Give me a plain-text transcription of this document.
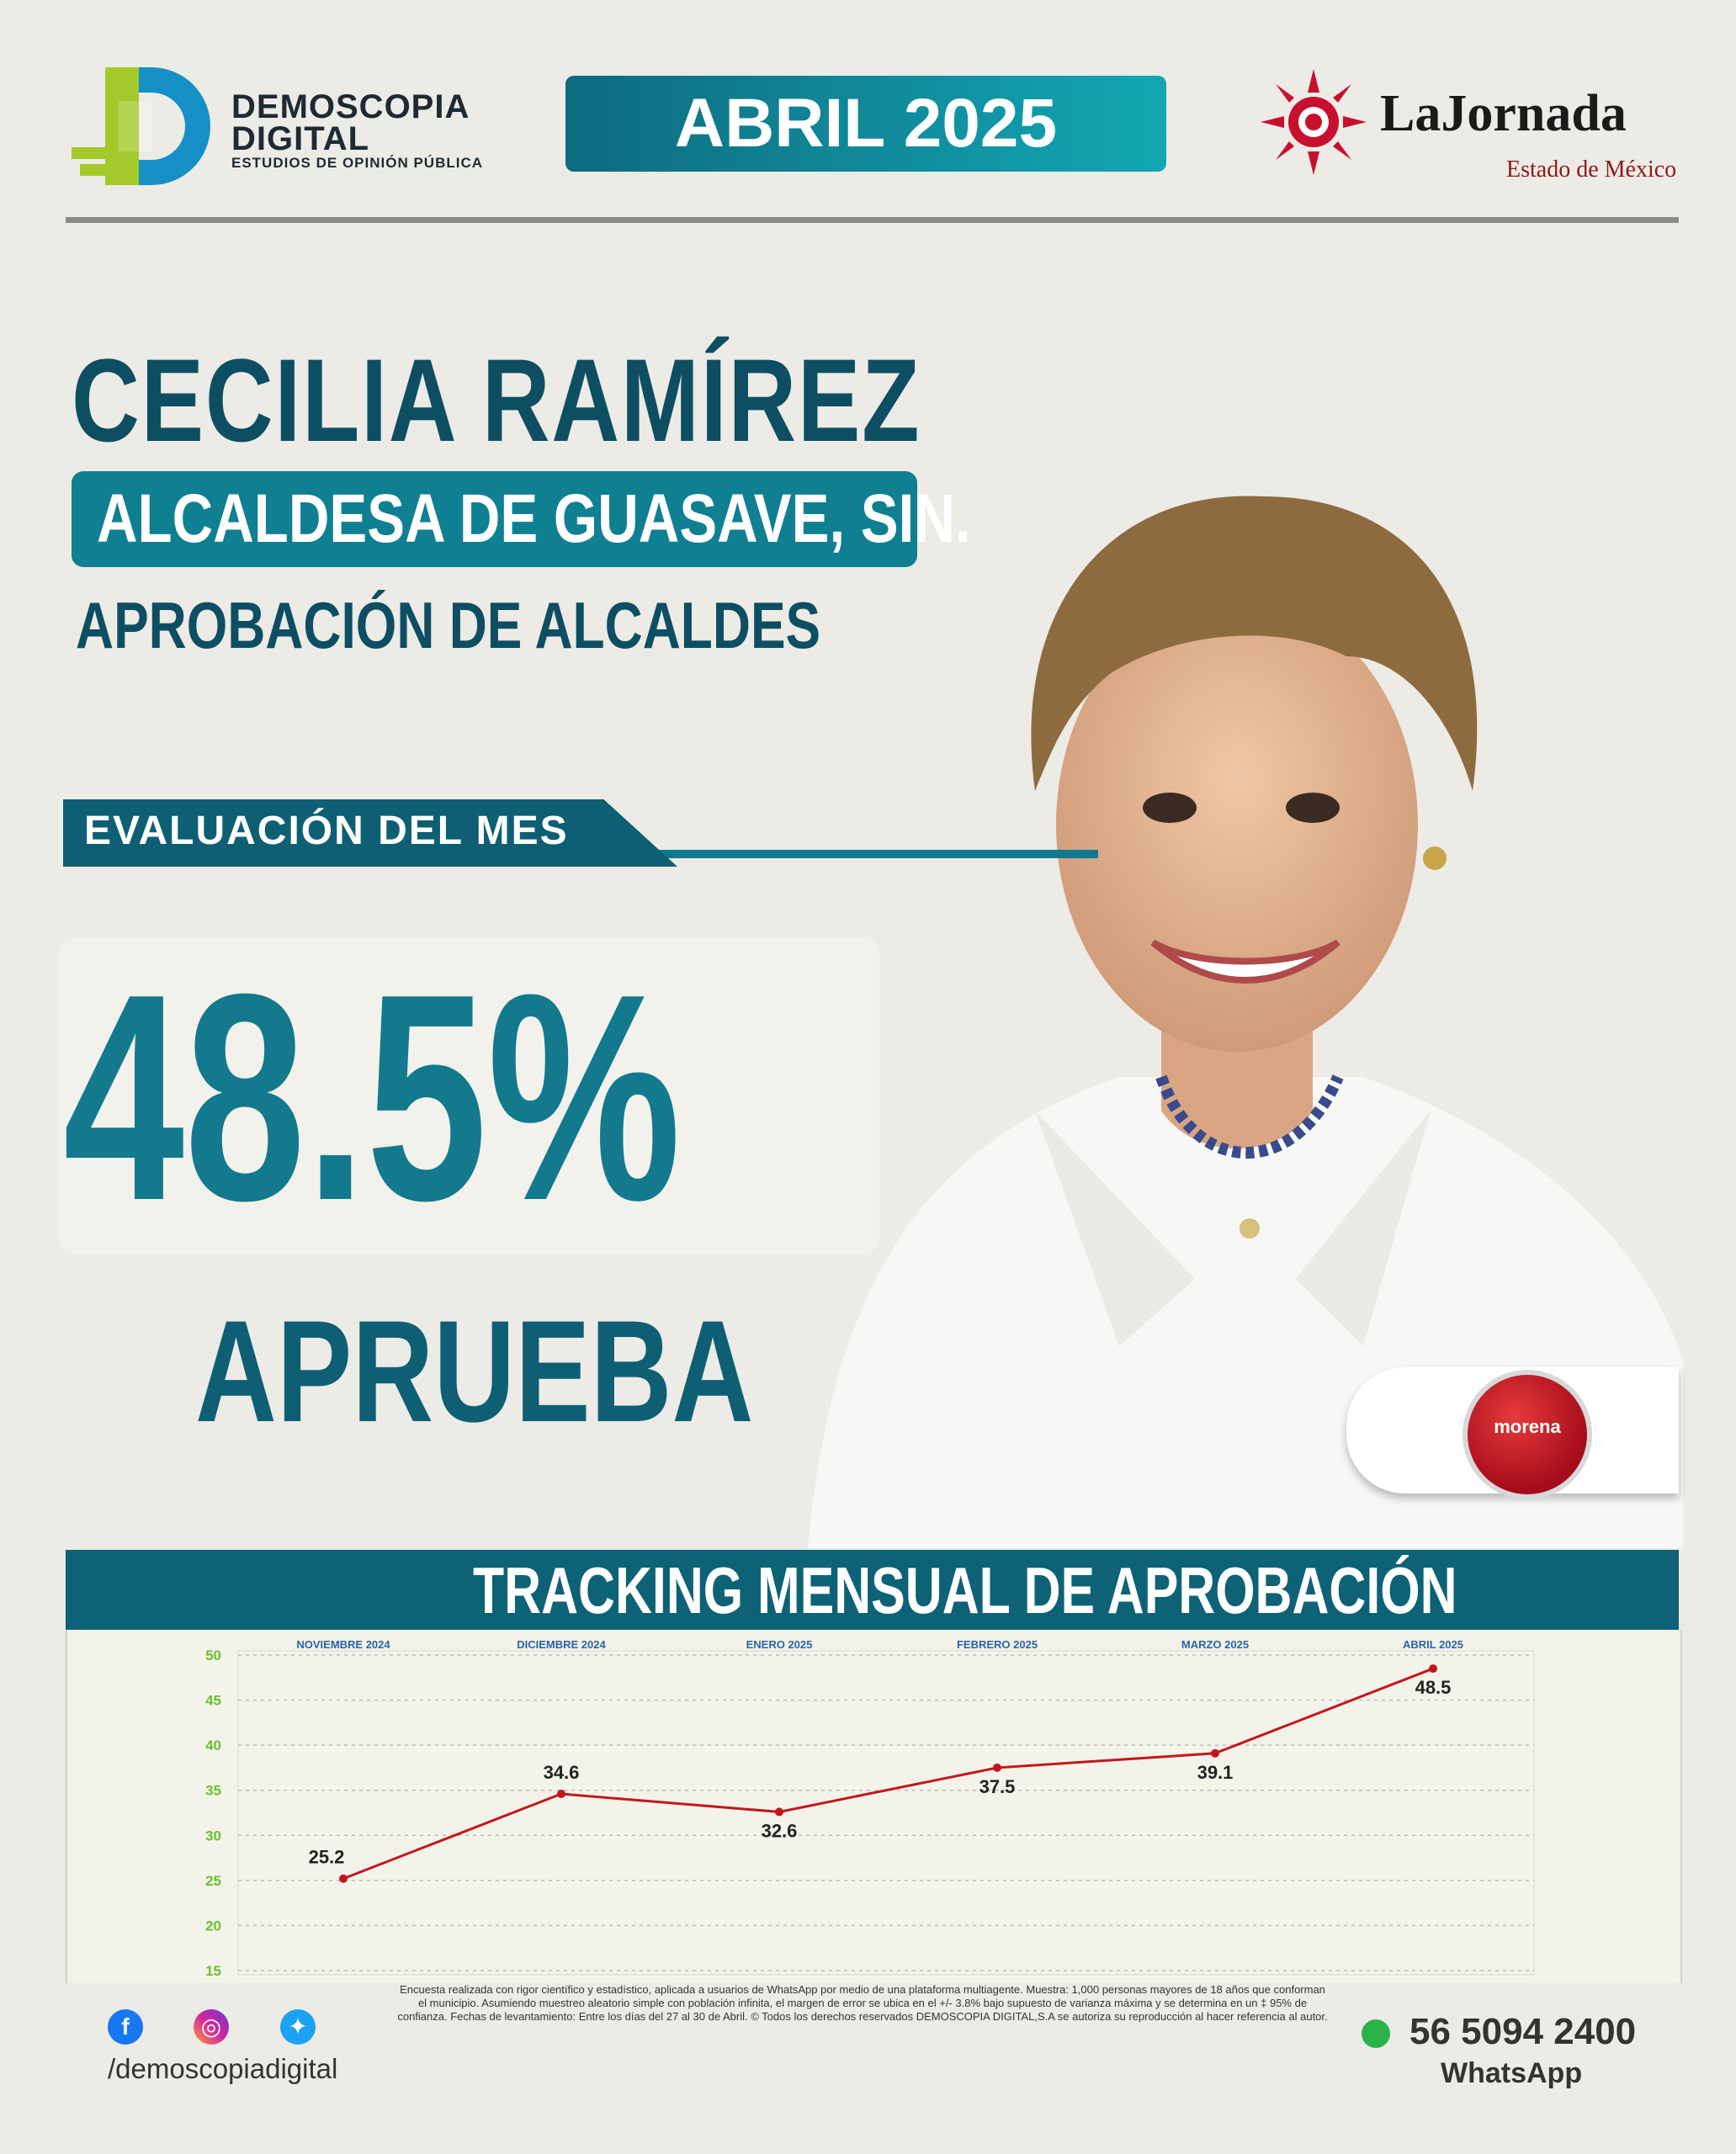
DEMOSCOPIA
DIGITAL
ESTUDIOS DE OPINIÓN PÚBLICA
ABRIL 2025	LaJornada
Estado de México
CECILIA RAMÍREZ
ALCALDESA DE GUASAVE, SIN.
APROBACIÓN DE ALCALDES
EVALUACIÓN DEL MES
48.5%
APRUEBA	morena
TRACKING MENSUAL DE APROBACIÓN
50
45
40
35
30
25
20
15
NOVIEMBRE 2024	DICIEMBRE 2024	ENERO 2025	FEBRERO 2025	MARZO 2025	ABRIL 2025
25.2
34.6
32.6
37.5
39.1
48.5
f	◎	✦
/demoscopiadigital
Encuesta realizada con rigor científico y estadístico, aplicada a usuarios de WhatsApp por medio de una plataforma multiagente. Muestra: 1,000 personas mayores de 18 años que conforman el municipio. Asumiendo muestreo aleatorio simple con población infinita, el margen de error se ubica en el +/- 3.8% bajo supuesto de varianza máxima y se determina en un ‡ 95% de confianza. Fechas de levantamiento: Entre los días del 27 al 30 de Abril. © Todos los derechos reservados DEMOSCOPIA DIGITAL,S.A se autoriza su reproducción al hacer referencia al autor. 56 5094 2400
WhatsApp
